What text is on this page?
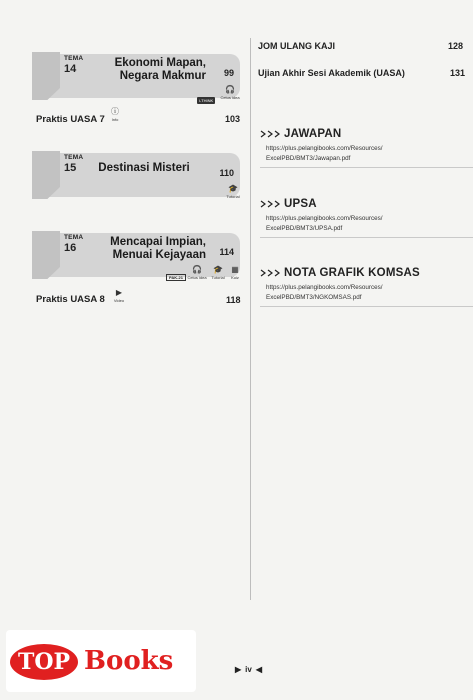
TEMA
14	Ekonomi Mapan, Negara Makmur 99
i-THINK
🎧
Cetus idea
Praktis UASA 7
ⓘ
Info	103
TEMA
15	Destinasi Misteri	110
🎓
Tutorial
TEMA
16	Mencapai Impian, Menuai Kejayaan 114
PAK-21
🎧
Cetus idea
🎓
Tutorial
▦
Kuiz
Praktis UASA 8
▶
Video	118
JOM ULANG KAJI	128
Ujian Akhir Sesi Akademik (UASA)	131
JAWAPAN
https://plus.pelangibooks.com/Resources/
ExcelPBD/BMT3/Jawapan.pdf
UPSA
https://plus.pelangibooks.com/Resources/
ExcelPBD/BMT3/UPSA.pdf
NOTA GRAFIK KOMSAS
https://plus.pelangibooks.com/Resources/
ExcelPBD/BMT3/NGKOMSAS.pdf
▶ iv ◀
TOP Books
